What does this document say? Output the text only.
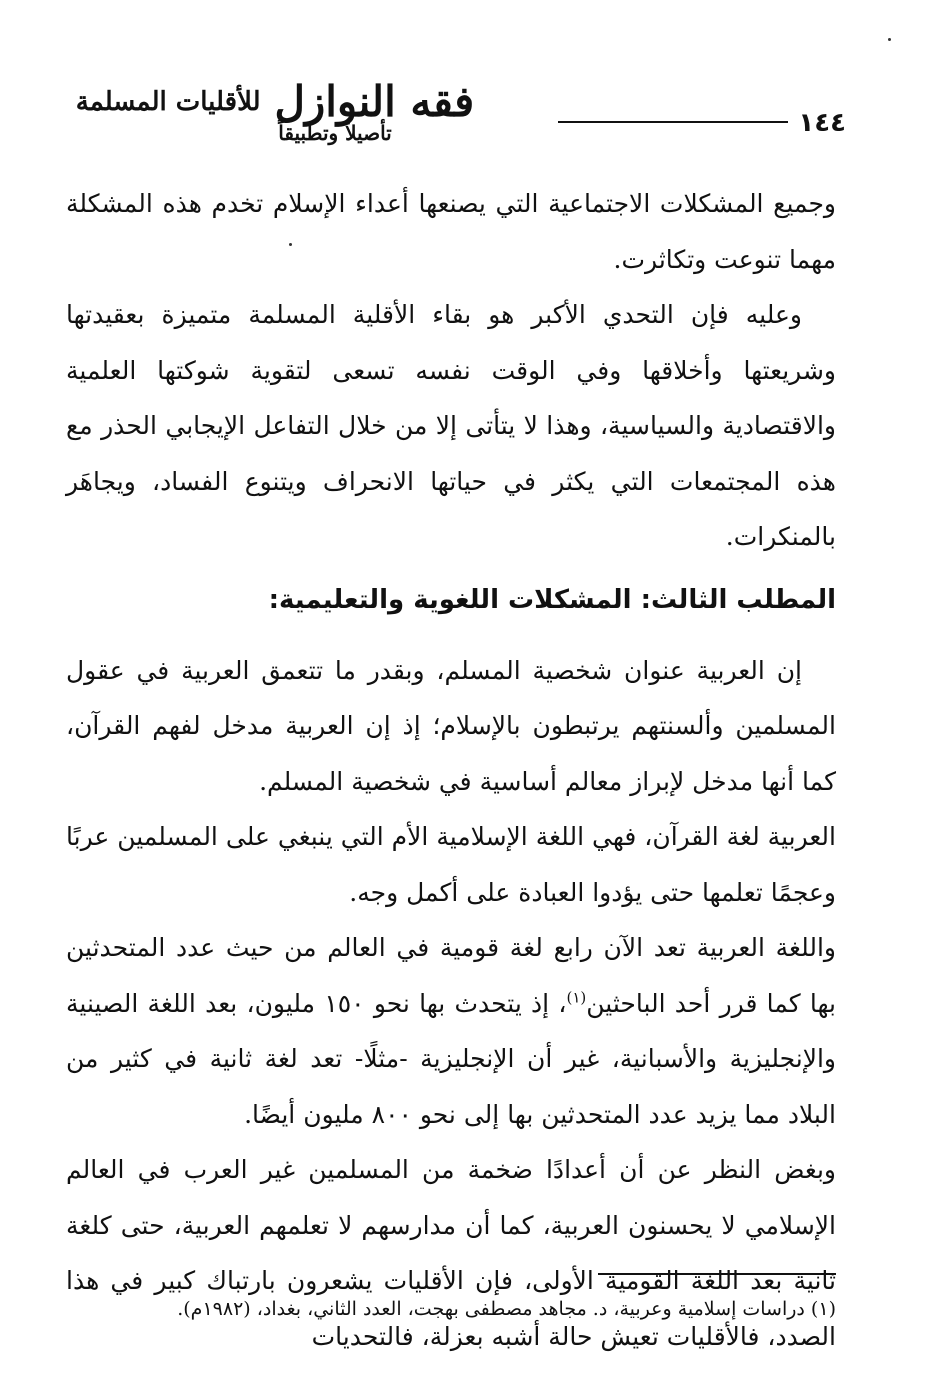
١٤٤
فقه النوازل $^{للأقليات المسلمة}$
تأصيلاً وتطبيقاً

وجميع المشكلات الاجتماعية التي يصنعها أعداء الإسلام تخدم هذه المشكلة مهما تنوعت وتكاثرت.

وعليه فإن التحدي الأكبر هو بقاء الأقلية المسلمة متميزة بعقيدتها وشريعتها وأخلاقها وفي الوقت نفسه تسعى لتقوية شوكتها العلمية والاقتصادية والسياسية، وهذا لا يتأتى إلا من خلال التفاعل الإيجابي الحذر مع هذه المجتمعات التي يكثر في حياتها الانحراف ويتنوع الفساد، ويجاهَر بالمنكرات.

المطلب الثالث: المشكلات اللغوية والتعليمية:

إن العربية عنوان شخصية المسلم، وبقدر ما تتعمق العربية في عقول المسلمين وألسنتهم يرتبطون بالإسلام؛ إذ إن العربية مدخل لفهم القرآن، كما أنها مدخل لإبراز معالم أساسية في شخصية المسلم.

العربية لغة القرآن، فهي اللغة الإسلامية الأم التي ينبغي على المسلمين عربًا وعجمًا تعلمها حتى يؤدوا العبادة على أكمل وجه.

واللغة العربية تعد الآن رابع لغة قومية في العالم من حيث عدد المتحدثين بها كما قرر أحد الباحثين$^{(١)}$، إذ يتحدث بها نحو ١٥٠ مليون، بعد اللغة الصينية والإنجليزية والأسبانية، غير أن الإنجليزية -مثلًا- تعد لغة ثانية في كثير من البلاد مما يزيد عدد المتحدثين بها إلى نحو ٨٠٠ مليون أيضًا.

وبغض النظر عن أن أعدادًا ضخمة من المسلمين غير العرب في العالم الإسلامي لا يحسنون العربية، كما أن مدارسهم لا تعلمهم العربية، حتى كلغة ثانية بعد اللغة القومية الأولى، فإن الأقليات يشعرون بارتباك كبير في هذا الصدد، فالأقليات تعيش حالة أشبه بعزلة، فالتحديات

(١) دراسات إسلامية وعربية، د. مجاهد مصطفى بهجت، العدد الثاني، بغداد، (١٩٨٢م).
